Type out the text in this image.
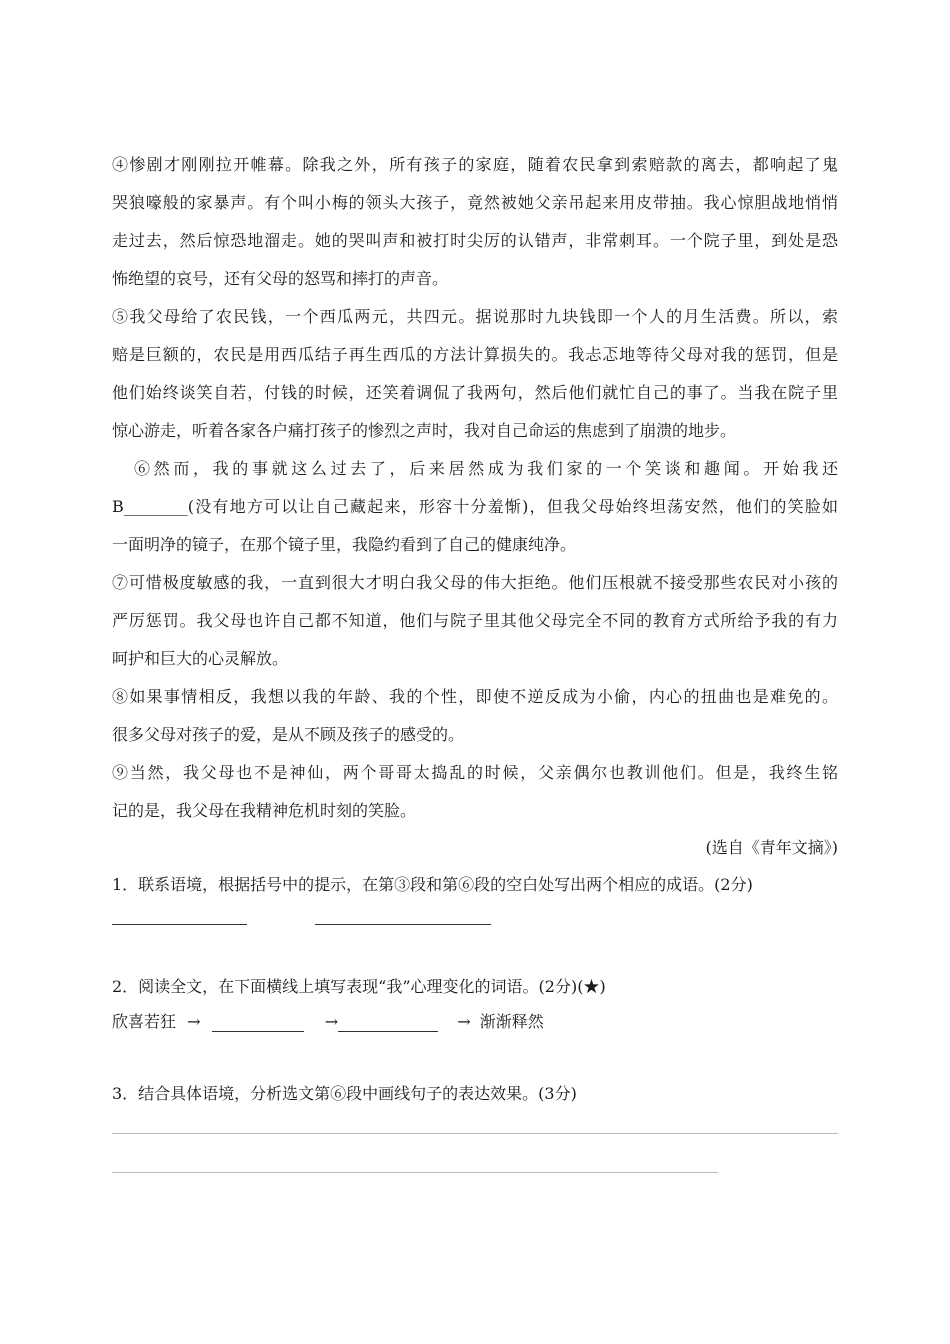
④惨剧才刚刚拉开帷幕。除我之外，所有孩子的家庭，随着农民拿到索赔款的离去，都响起了鬼
哭狼嚎般的家暴声。有个叫小梅的领头大孩子，竟然被她父亲吊起来用皮带抽。我心惊胆战地悄悄
走过去，然后惊恐地溜走。她的哭叫声和被打时尖厉的认错声，非常刺耳。一个院子里，到处是恐
怖绝望的哀号，还有父母的怒骂和摔打的声音。
⑤我父母给了农民钱，一个西瓜两元，共四元。据说那时九块钱即一个人的月生活费。所以，索
赔是巨额的，农民是用西瓜结子再生西瓜的方法计算损失的。我忐忑地等待父母对我的惩罚，但是
他们始终谈笑自若，付钱的时候，还笑着调侃了我两句，然后他们就忙自己的事了。当我在院子里
惊心游走，听着各家各户痛打孩子的惨烈之声时，我对自己命运的焦虑到了崩溃的地步。
⑥然而，我的事就这么过去了，后来居然成为我们家的一个笑谈和趣闻。开始我还
B________(没有地方可以让自己藏起来，形容十分羞惭)，但我父母始终坦荡安然，他们的笑脸如
一面明净的镜子，在那个镜子里，我隐约看到了自己的健康纯净。
⑦可惜极度敏感的我，一直到很大才明白我父母的伟大拒绝。他们压根就不接受那些农民对小孩的
严厉惩罚。我父母也许自己都不知道，他们与院子里其他父母完全不同的教育方式所给予我的有力
呵护和巨大的心灵解放。
⑧如果事情相反，我想以我的年龄、我的个性，即使不逆反成为小偷，内心的扭曲也是难免的。
很多父母对孩子的爱，是从不顾及孩子的感受的。
⑨当然，我父母也不是神仙，两个哥哥太捣乱的时候，父亲偶尔也教训他们。但是，我终生铭
记的是，我父母在我精神危机时刻的笑脸。
(选自《青年文摘》)
1．联系语境，根据括号中的提示，在第③段和第⑥段的空白处写出两个相应的成语。(2分)
2．阅读全文，在下面横线上填写表现“我”心理变化的词语。(2分)(★)
欣喜若狂 →	→	→ 渐渐释然
3．结合具体语境，分析选文第⑥段中画线句子的表达效果。(3分)
